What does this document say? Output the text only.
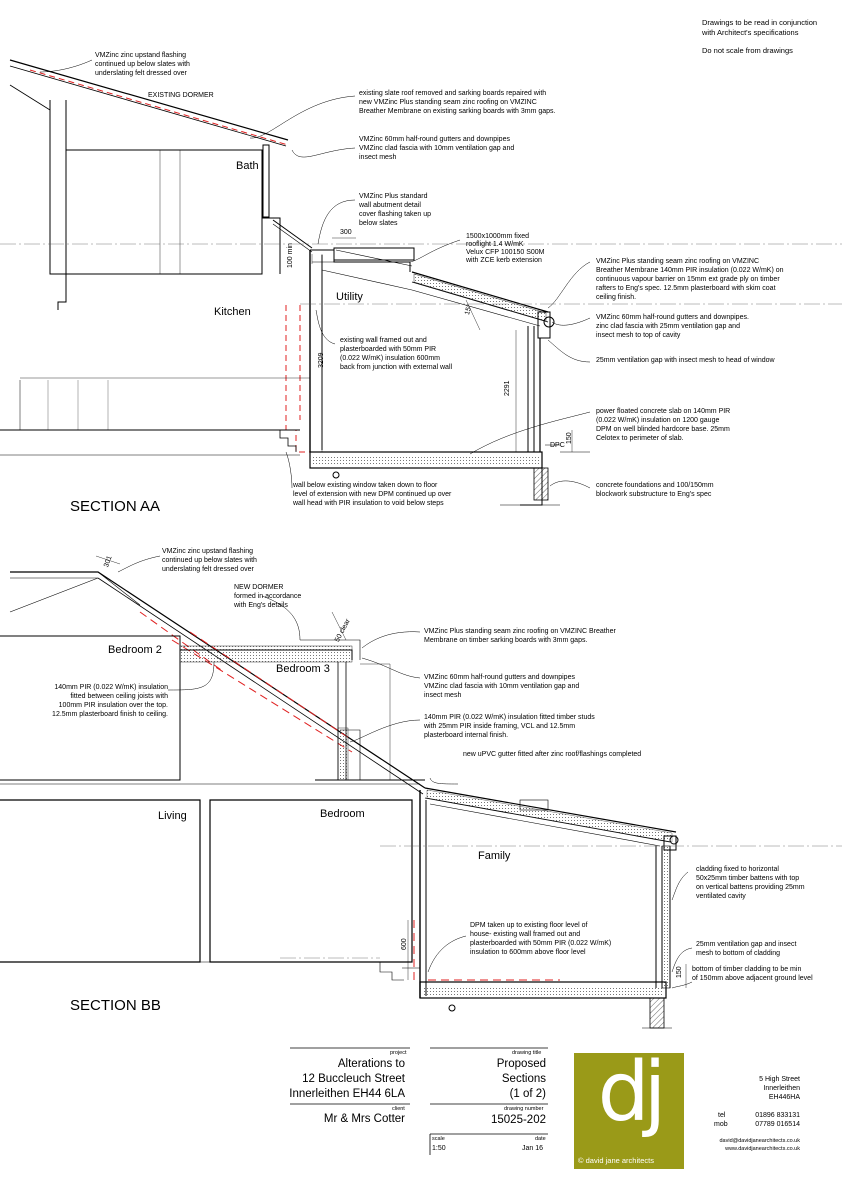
Drawings to be read in conjunction
with Architect's specifications
Do not scale from drawings
Bath
Kitchen
Utility
SECTION AA
300
100 min
15°
3209
2291
150
DPC
VMZinc zinc upstand flashing
continued up below slates with
underslating felt dressed over
EXISTING DORMER	existing slate roof removed and sarking boards repaired with
new VMZinc Plus standing seam zinc roofing on VMZINC
Breather Membrane on existing sarking boards with 3mm gaps.
VMZinc 60mm half-round gutters and downpipes
VMZinc clad fascia with 10mm ventilation gap and
insect mesh
VMZinc Plus standard
wall abutment detail
cover flashing taken up
below slates
1500x1000mm fixed
rooflight 1.4 W/mK
Velux CFP 100150 S00M
with ZCE kerb extension	VMZinc Plus standing seam zinc roofing on VMZINC
Breather Membrane 140mm PIR insulation (0.022 W/mK) on
continuous vapour barrier on 15mm ext grade ply on timber
rafters to Eng's spec. 12.5mm plasterboard with skim coat
ceiling finish.
VMZinc 60mm half-round gutters and downpipes.
zinc clad fascia with 25mm ventilation gap and
insect mesh to top of cavity
25mm ventilation gap with insect mesh to head of window
existing wall framed out and
plasterboarded with 50mm PIR
(0.022 W/mK) insulation 600mm
back from junction with external wall
power floated concrete slab on 140mm PIR
(0.022 W/mK) insulation on 1200 gauge
DPM on well blinded hardcore base. 25mm
Celotex to perimeter of slab.
wall below existing window taken down to floor
level of extension with new DPM continued up over
wall head with PIR insulation to void below steps
concrete foundations and 100/150mm
blockwork substructure to Eng's spec
Bedroom 2
Bedroom 3
Living	Bedroom
Family
SECTION BB
301
50 clear
600
150
VMZinc zinc upstand flashing
continued up below slates with
underslating felt dressed over
NEW DORMER
formed in accordance
with Eng's details
VMZinc Plus standing seam zinc roofing on VMZINC Breather
Membrane on timber sarking boards with 3mm gaps.
VMZinc 60mm half-round gutters and downpipes
VMZinc clad fascia with 10mm ventilation gap and
insect mesh
140mm PIR (0.022 W/mK) insulation
fitted between ceiling joists with
100mm PIR insulation over the top.
12.5mm plasterboard finish to ceiling.	140mm PIR (0.022 W/mK) insulation fitted timber studs
with 25mm PIR inside framing, VCL and 12.5mm
plasterboard internal finish.
new uPVC gutter fitted after zinc roof/flashings completed
cladding fixed to horizontal
50x25mm timber battens with top
on vertical battens providing 25mm
ventilated cavity
DPM taken up to existing floor level of
house- existing wall framed out and
plasterboarded with 50mm PIR (0.022 W/mK)
insulation to 600mm above floor level
25mm ventilation gap and insect
mesh to bottom of cladding
bottom of timber cladding to be min
of 150mm above adjacent ground level
project
Alterations to
12 Buccleuch Street
Innerleithen EH44 6LA
client
Mr & Mrs Cotter
drawing title
Proposed
Sections
(1 of 2)
drawing number
15025-202
scale
1:50
date
Jan 16
dj
© david jane architects
5 High Street
Innerleithen
EH446HA
tel	01896 833131
mob	07789 016514
david@davidjanearchitects.co.uk
www.davidjanearchitects.co.uk
